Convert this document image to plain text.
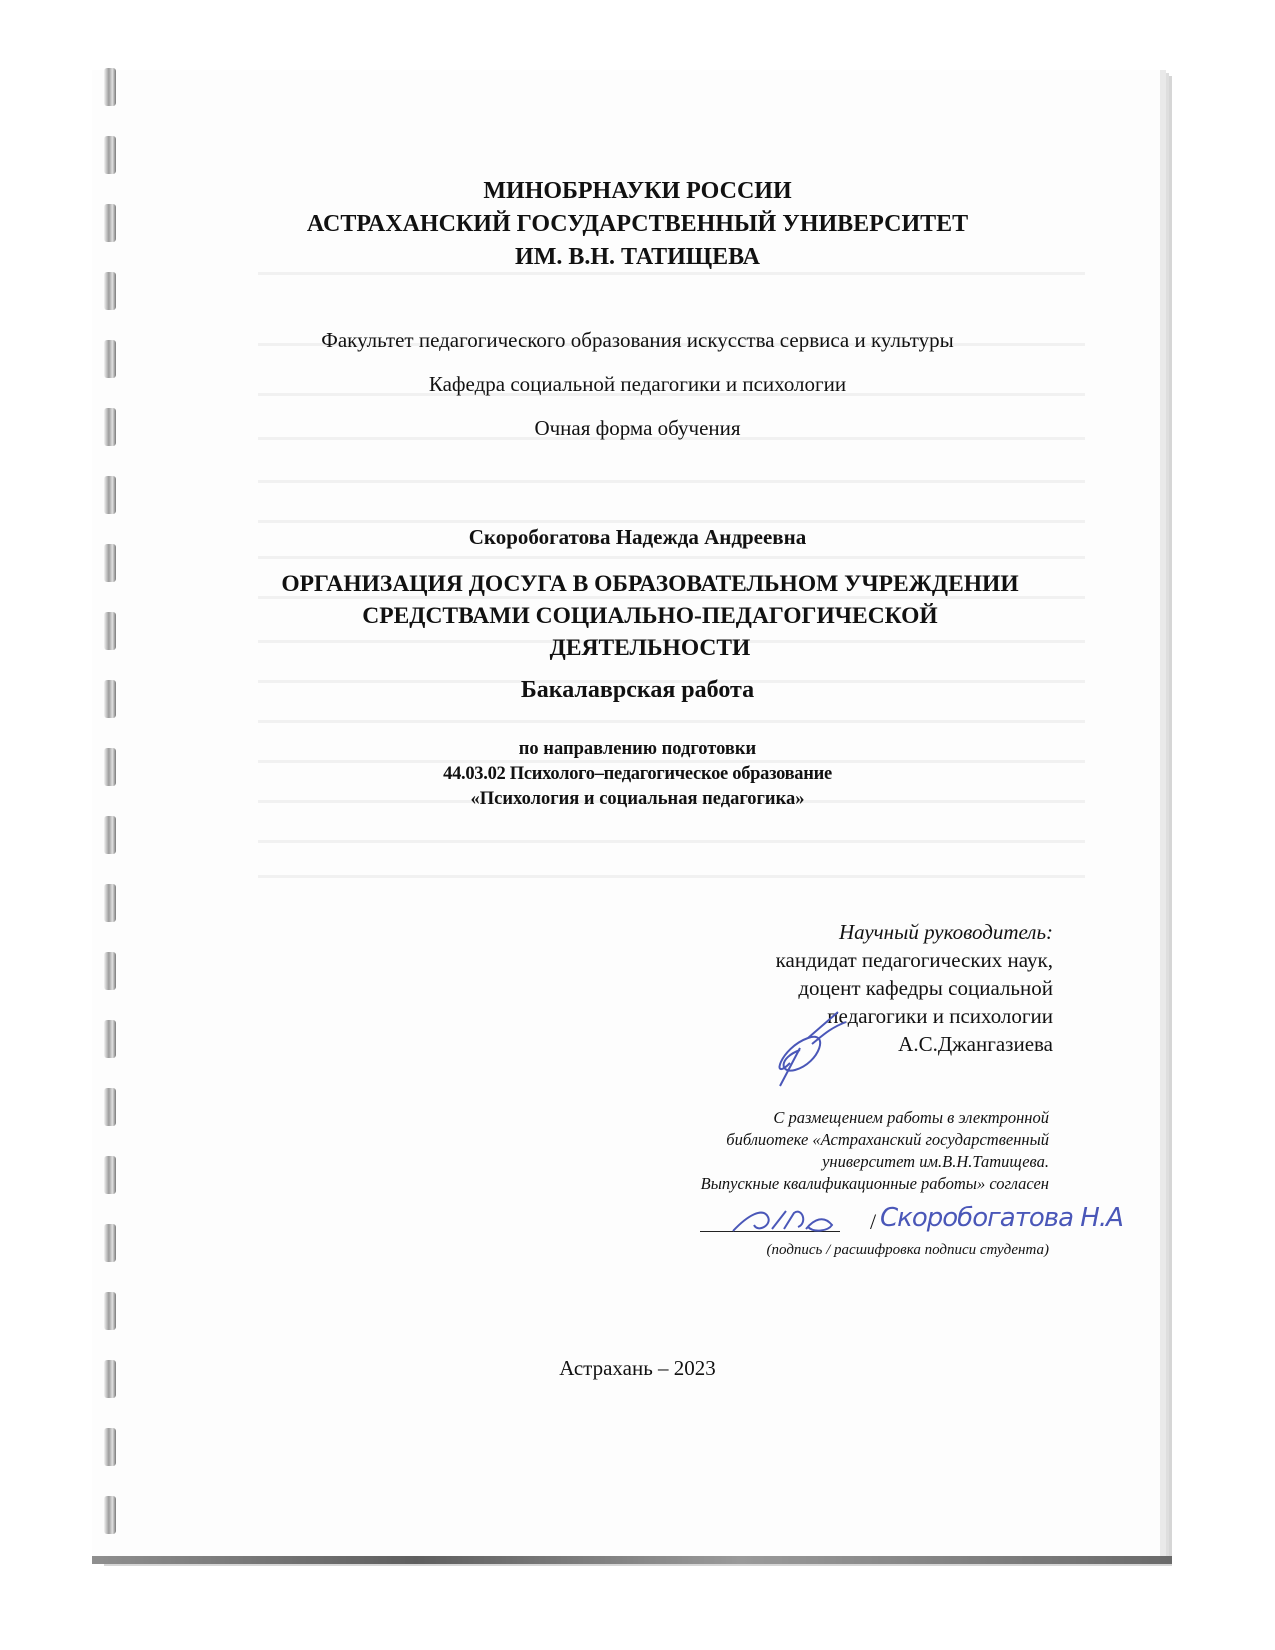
МИНОБРНАУКИ РОССИИ
АСТРАХАНСКИЙ ГОСУДАРСТВЕННЫЙ УНИВЕРСИТЕТ
ИМ. В.Н. ТАТИЩЕВА
Факультет педагогического образования искусства сервиса и культуры
Кафедра социальной педагогики и психологии
Очная форма обучения
Скоробогатова Надежда Андреевна
ОРГАНИЗАЦИЯ ДОСУГА В ОБРАЗОВАТЕЛЬНОМ УЧРЕЖДЕНИИ
СРЕДСТВАМИ СОЦИАЛЬНО-ПЕДАГОГИЧЕСКОЙ
ДЕЯТЕЛЬНОСТИ
Бакалаврская работа
по направлению подготовки
44.03.02 Психолого–педагогическое образование
«Психология и социальная педагогика»
Научный руководитель:
кандидат педагогических наук,
доцент кафедры социальной
педагогики и психологии
А.С.Джангазиева
С размещением работы в электронной
библиотеке «Астраханский государственный
университет им.В.Н.Татищева.
Выпускные квалификационные работы» согласен
/ Скоробогатова Н.А
(подпись / расшифровка подписи студента)
Астрахань – 2023
